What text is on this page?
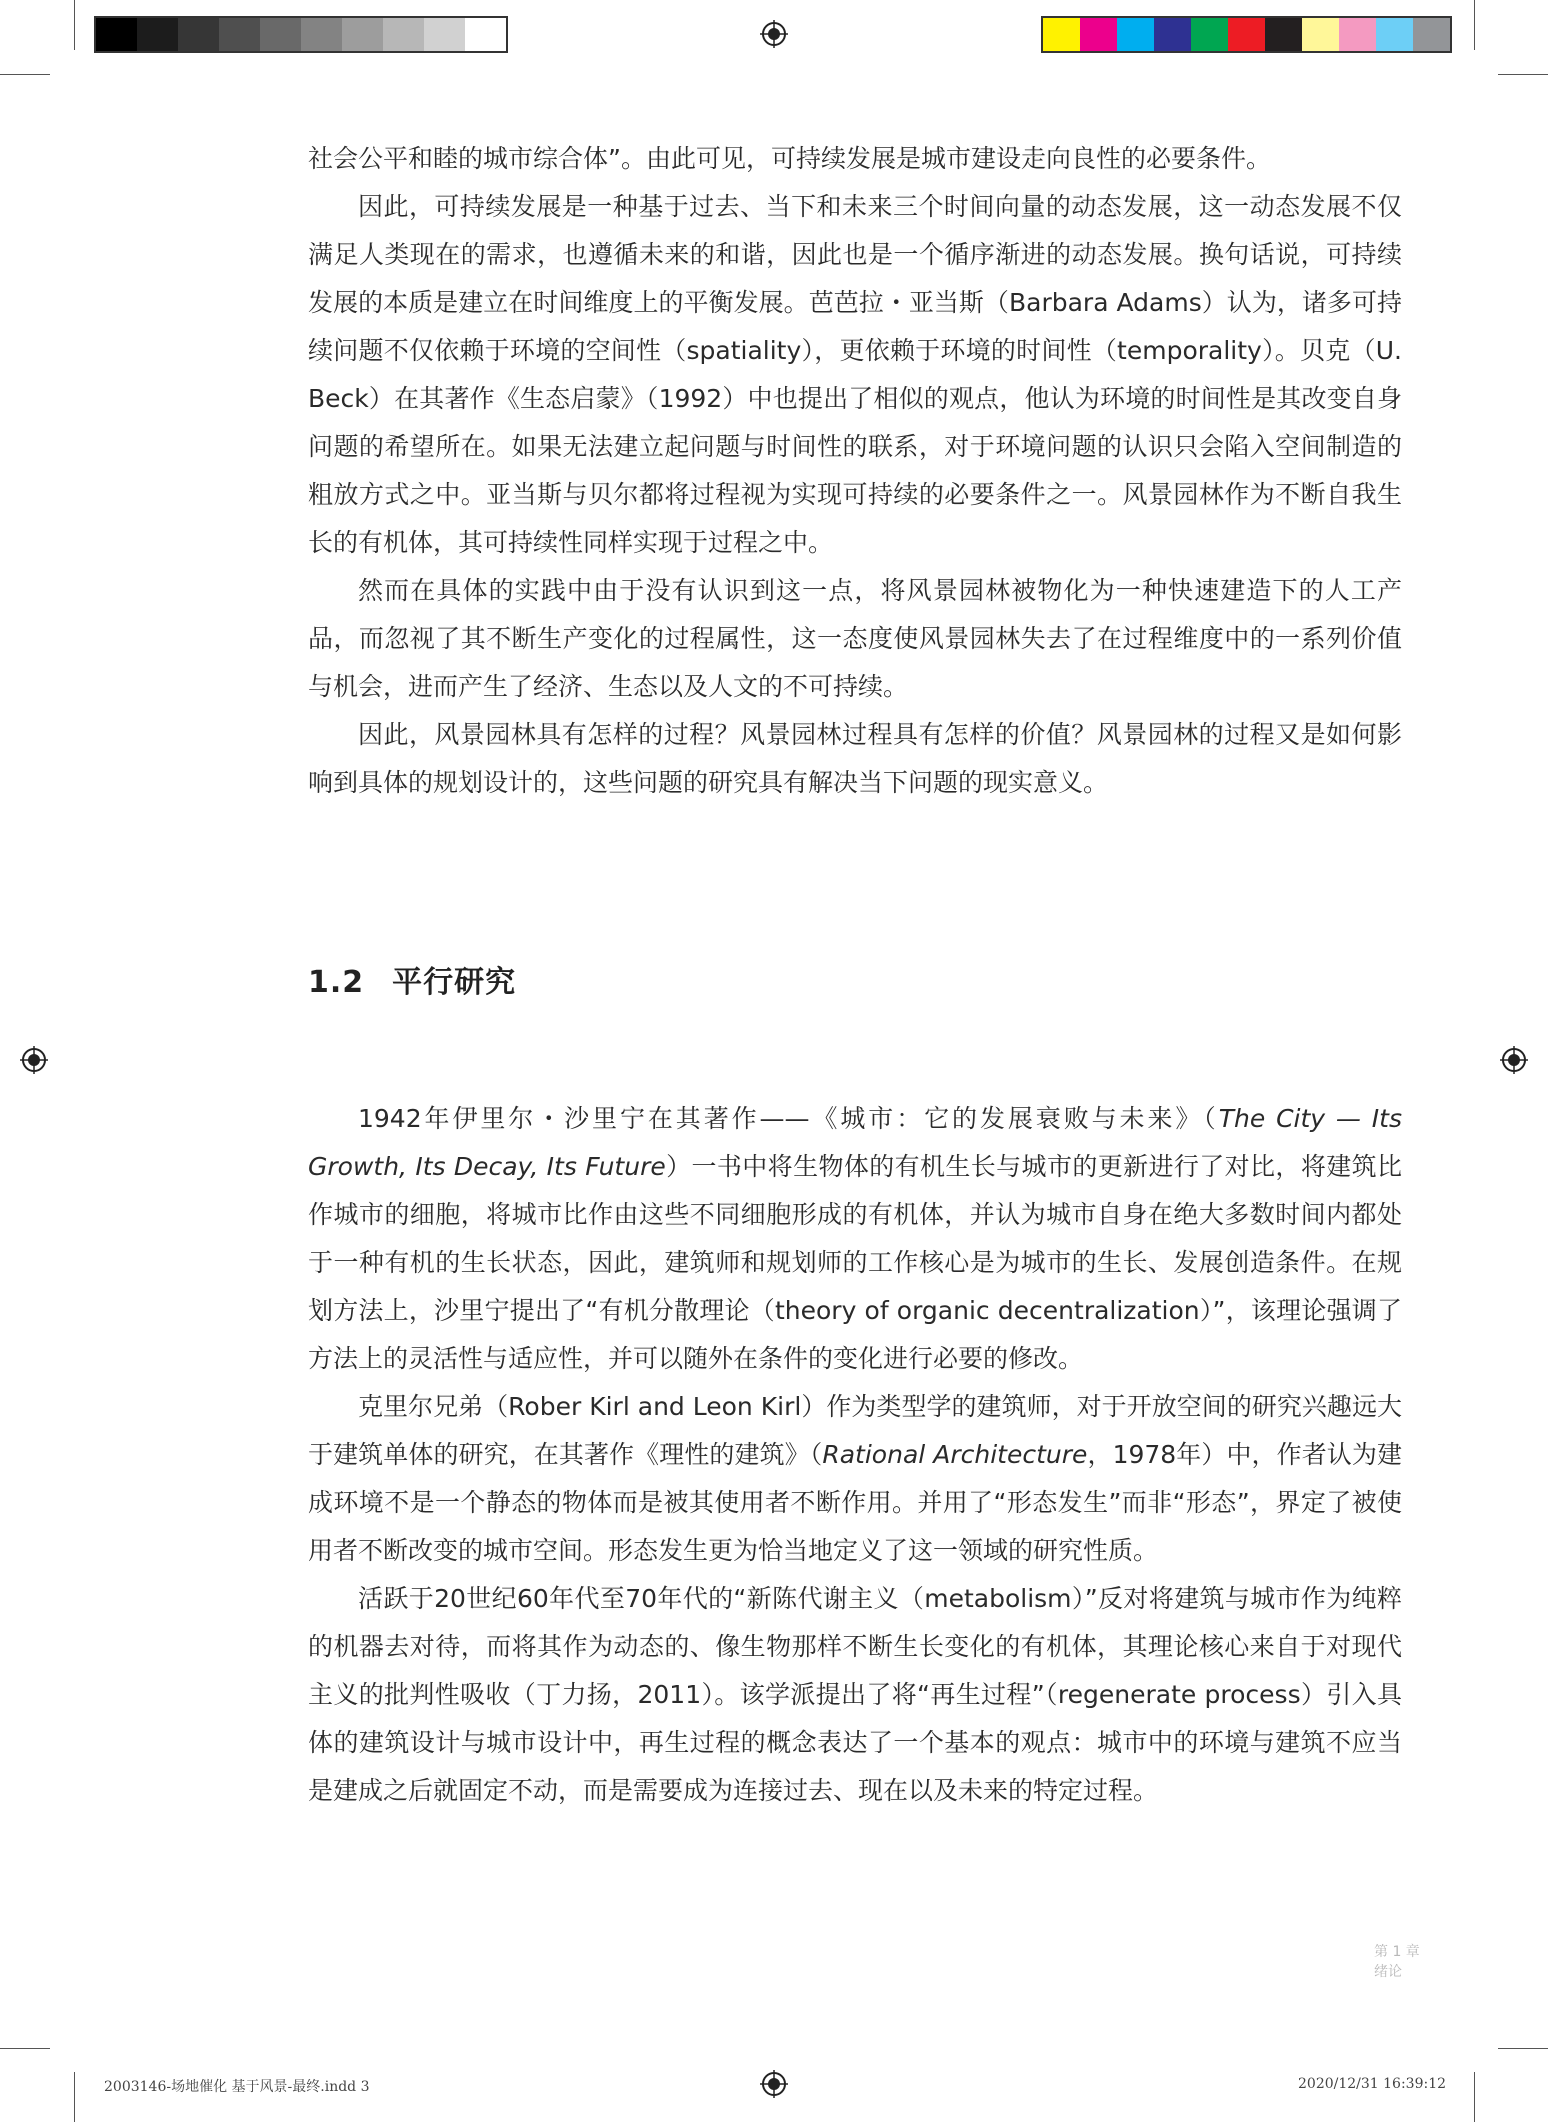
社会公平和睦的城市综合体”。由此可见，可持续发展是城市建设走向良性的必要条件。

因此，可持续发展是一种基于过去、当下和未来三个时间向量的动态发展，这一动态发展不仅满足人类现在的需求，也遵循未来的和谐，因此也是一个循序渐进的动态发展。换句话说，可持续发展的本质是建立在时间维度上的平衡发展。芭芭拉・亚当斯（Barbara Adams）认为，诸多可持续问题不仅依赖于环境的空间性（spatiality），更依赖于环境的时间性（temporality）。贝克（U. Beck）在其著作《生态启蒙》（1992）中也提出了相似的观点，他认为环境的时间性是其改变自身问题的希望所在。如果无法建立起问题与时间性的联系，对于环境问题的认识只会陷入空间制造的粗放方式之中。亚当斯与贝尔都将过程视为实现可持续的必要条件之一。风景园林作为不断自我生长的有机体，其可持续性同样实现于过程之中。

然而在具体的实践中由于没有认识到这一点，将风景园林被物化为一种快速建造下的人工产品，而忽视了其不断生产变化的过程属性，这一态度使风景园林失去了在过程维度中的一系列价值与机会，进而产生了经济、生态以及人文的不可持续。

因此，风景园林具有怎样的过程？风景园林过程具有怎样的价值？风景园林的过程又是如何影响到具体的规划设计的，这些问题的研究具有解决当下问题的现实意义。

1.2 平行研究

1942年伊里尔・沙里宁在其著作——《城市：它的发展衰败与未来》（The City — Its Growth, Its Decay, Its Future）一书中将生物体的有机生长与城市的更新进行了对比，将建筑比作城市的细胞，将城市比作由这些不同细胞形成的有机体，并认为城市自身在绝大多数时间内都处于一种有机的生长状态，因此，建筑师和规划师的工作核心是为城市的生长、发展创造条件。在规划方法上，沙里宁提出了“有机分散理论（theory of organic decentralization）”，该理论强调了方法上的灵活性与适应性，并可以随外在条件的变化进行必要的修改。

克里尔兄弟（Rober Kirl and Leon Kirl）作为类型学的建筑师，对于开放空间的研究兴趣远大于建筑单体的研究，在其著作《理性的建筑》（Rational Architecture，1978年）中，作者认为建成环境不是一个静态的物体而是被其使用者不断作用。并用了“形态发生”而非“形态”，界定了被使用者不断改变的城市空间。形态发生更为恰当地定义了这一领域的研究性质。

活跃于20世纪60年代至70年代的“新陈代谢主义（metabolism）”反对将建筑与城市作为纯粹的机器去对待，而将其作为动态的、像生物那样不断生长变化的有机体，其理论核心来自于对现代主义的批判性吸收（丁力扬，2011）。该学派提出了将“再生过程”（regenerate process）引入具体的建筑设计与城市设计中，再生过程的概念表达了一个基本的观点：城市中的环境与建筑不应当是建成之后就固定不动，而是需要成为连接过去、现在以及未来的特定过程。

第 1 章
绪论
2003146-场地催化 基于风景-最终.indd 3	2020/12/31 16:39:12
